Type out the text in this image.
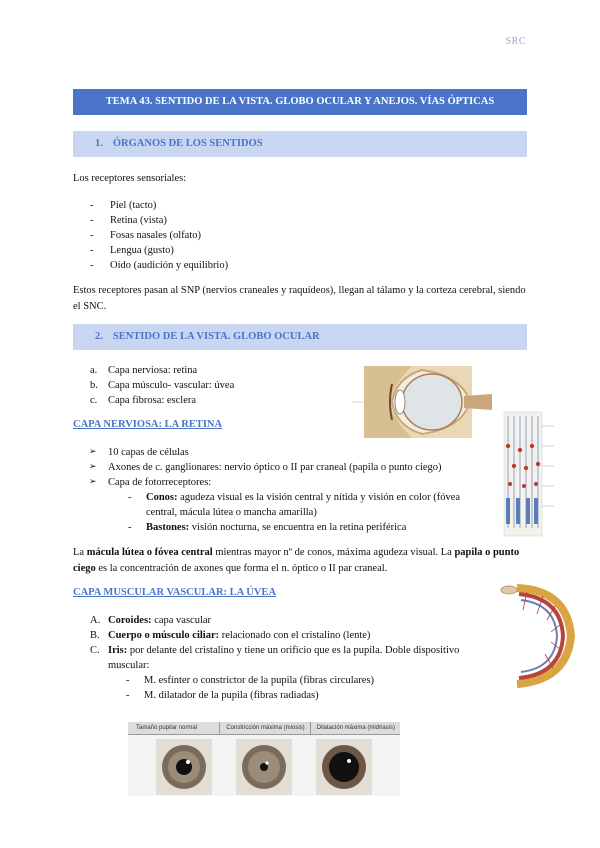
SRC
TEMA 43. SENTIDO DE LA VISTA. GLOBO OCULAR Y ANEJOS. VÍAS ÓPTICAS
1. ÓRGANOS DE LOS SENTIDOS
Los receptores sensoriales:
- Piel (tacto)
- Retina (vista)
- Fosas nasales (olfato)
- Lengua (gusto)
- Oído (audición y equilibrio)
Estos receptores pasan al SNP (nervios craneales y raquídeos), llegan al tálamo y la corteza cerebral, siendo el SNC.
2. SENTIDO DE LA VISTA. GLOBO OCULAR
a. Capa nerviosa: retina
b. Capa músculo- vascular: úvea
c. Capa fibrosa: esclera
CAPA NERVIOSA: LA RETINA
➢ 10 capas de células
➢ Axones de c. ganglionares: nervio óptico o II par craneal (papila o punto ciego)
➢ Capa de fotorreceptores:
- Conos: agudeza visual es la visión central y nítida y visión en color (fóvea central, mácula lútea o mancha amarilla)
- Bastones: visión nocturna, se encuentra en la retina periférica
La mácula lútea o fóvea central mientras mayor nº de conos, máxima agudeza visual. La papila o punto ciego es la concentración de axones que forma el n. óptico o II par craneal.
CAPA MUSCULAR VASCULAR: LA ÚVEA
A. Coroides: capa vascular
B. Cuerpo o músculo ciliar: relacionado con el cristalino (lente)
C. Iris: por delante del cristalino y tiene un orificio que es la pupila. Doble dispositivo muscular:
- M. esfínter o constrictor de la pupila (fibras circulares)
- M. dilatador de la pupila (fibras radiadas)
Tamaño pupilar normal	Constricción máxima (miosis)	Dilatación máxima (midriasis)
